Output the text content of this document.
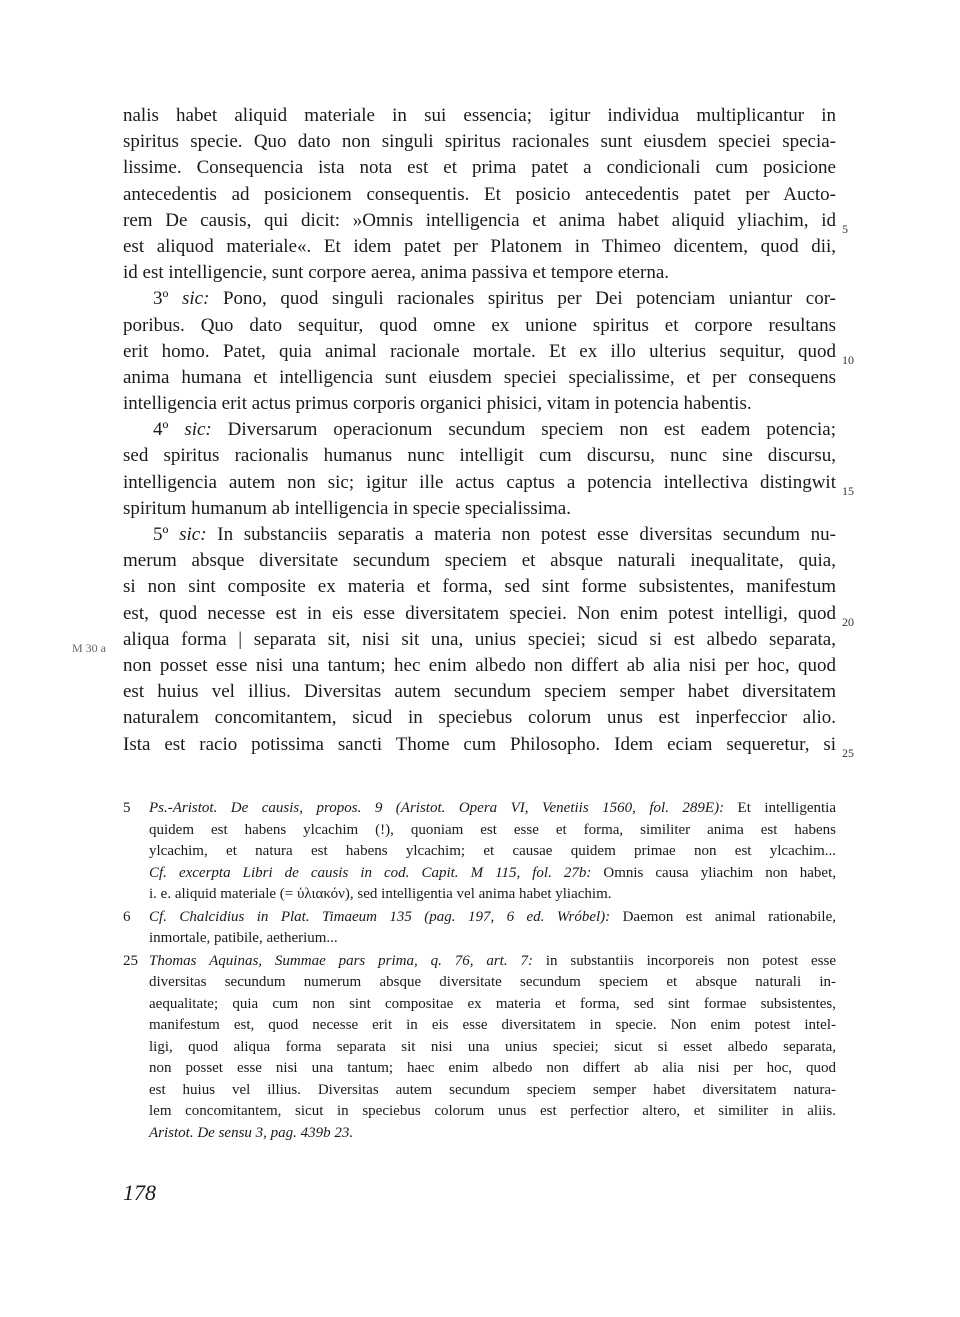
nalis habet aliquid materiale in sui essencia; igitur individua multiplicantur in
spiritus specie. Quo dato non singuli spiritus racionales sunt eiusdem speciei specia-
lissime. Consequencia ista nota est et prima patet a condicionali cum posicione
antecedentis ad posicionem consequentis. Et posicio antecedentis patet per Aucto-
rem De causis, qui dicit: »Omnis intelligencia et anima habet aliquid yliachim, id
est aliquod materiale«. Et idem patet per Platonem in Thimeo dicentem, quod dii,
id est intelligencie, sunt corpore aerea, anima passiva et tempore eterna.
3º sic: Pono, quod singuli racionales spiritus per Dei potenciam uniantur cor-
poribus. Quo dato sequitur, quod omne ex unione spiritus et corpore resultans
erit homo. Patet, quia animal racionale mortale. Et ex illo ulterius sequitur, quod
anima humana et intelligencia sunt eiusdem speciei specialissime, et per consequens
intelligencia erit actus primus corporis organici phisici, vitam in potencia habentis.
4º sic: Diversarum operacionum secundum speciem non est eadem potencia;
sed spiritus racionalis humanus nunc intelligit cum discursu, nunc sine discursu,
intelligencia autem non sic; igitur ille actus captus a potencia intellectiva distingwit
spiritum humanum ab intelligencia in specie specialissima.
5º sic: In substanciis separatis a materia non potest esse diversitas secundum nu-
merum absque diversitate secundum speciem et absque naturali inequalitate, quia,
si non sint composite ex materia et forma, sed sint forme subsistentes, manifestum
est, quod necesse est in eis esse diversitatem speciei. Non enim potest intelligi, quod
aliqua forma | separata sit, nisi sit una, unius speciei; sicud si est albedo separata,
non posset esse nisi una tantum; hec enim albedo non differt ab alia nisi per hoc, quod
est huius vel illius. Diversitas autem secundum speciem semper habet diversitatem
naturalem concomitantem, sicud in speciebus colorum unus est inperfeccior alio.
Ista est racio potissima sancti Thome cum Philosopho. Idem eciam sequeretur, si
5
10
15
20
25
M 30 a
5 Ps.-Aristot. De causis, propos. 9 (Aristot. Opera VI, Venetiis 1560, fol. 289E): Et intelligentia
quidem est habens ylcachim (!), quoniam est esse et forma, similiter anima est habens
ylcachim, et natura est habens ylcachim; et causae quidem primae non est ylcachim...
Cf. excerpta Libri de causis in cod. Capit. M 115, fol. 27b: Omnis causa yliachim non habet,
i. e. aliquid materiale (= ὑλιακόν), sed intelligentia vel anima habet yliachim.
6 Cf. Chalcidius in Plat. Timaeum 135 (pag. 197, 6 ed. Wróbel): Daemon est animal rationabile,
inmortale, patibile, aetherium...
25 Thomas Aquinas, Summae pars prima, q. 76, art. 7: in substantiis incorporeis non potest esse
diversitas secundum numerum absque diversitate secundum speciem et absque naturali in-
aequalitate; quia cum non sint compositae ex materia et forma, sed sint formae subsistentes,
manifestum est, quod necesse erit in eis esse diversitatem in specie. Non enim potest intel-
ligi, quod aliqua forma separata sit nisi una unius speciei; sicut si esset albedo separata,
non posset esse nisi una tantum; haec enim albedo non differt ab alia nisi per hoc, quod
est huius vel illius. Diversitas autem secundum speciem semper habet diversitatem natura-
lem concomitantem, sicut in speciebus colorum unus est perfectior altero, et similiter in aliis.
Aristot. De sensu 3, pag. 439b 23.
178
